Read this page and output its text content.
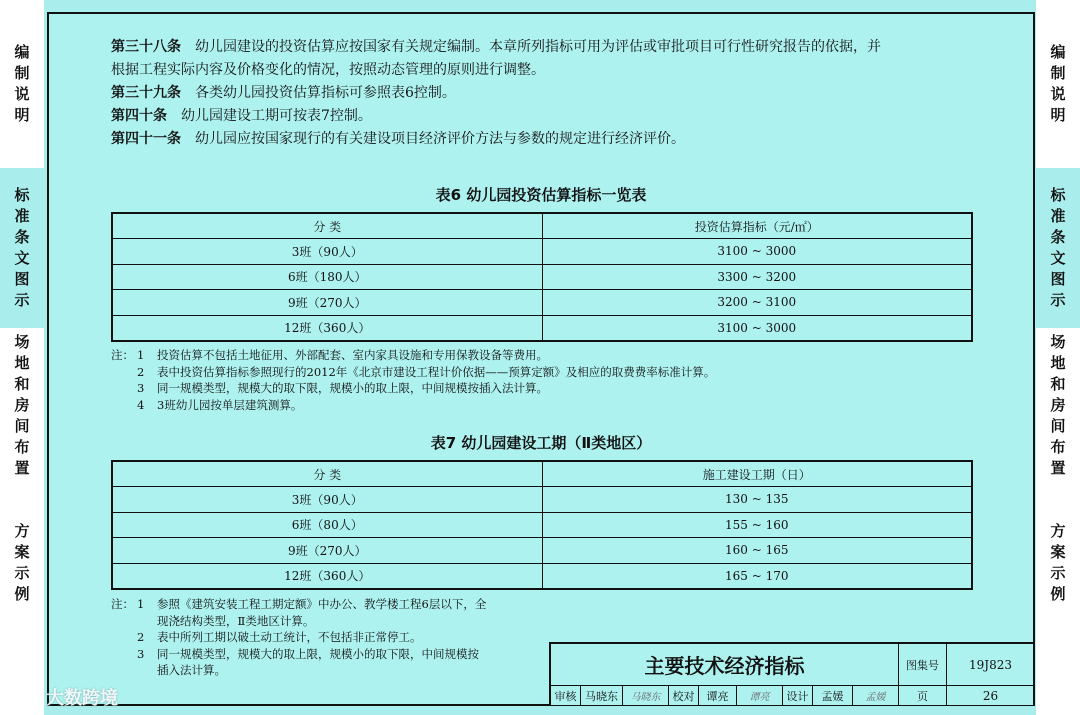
编
制
说
明
标
准
条
文
图
示
场
地
和
房
间
布
置
方
案
示
例
编
制
说
明
标
准
条
文
图
示
场
地
和
房
间
布
置
方
案
示
例
第三十八条 幼儿园建设的投资估算应按国家有关规定编制。本章所列指标可用为评估或审批项目可行性研究报告的依据，并
根据工程实际内容及价格变化的情况，按照动态管理的原则进行调整。
第三十九条 各类幼儿园投资估算指标可参照表6控制。
第四十条 幼儿园建设工期可按表7控制。
第四十一条 幼儿园应按国家现行的有关建设项目经济评价方法与参数的规定进行经济评价。
表6 幼儿园投资估算指标一览表
分 类	投资估算指标（元/㎡）
3班（90人）	3100 ~ 3000
6班（180人）	3300 ~ 3200
9班（270人）	3200 ~ 3100
12班（360人）	3100 ~ 3000
注： 1	投资估算不包括土地征用、外部配套、室内家具设施和专用保教设备等费用。
2	表中投资估算指标参照现行的2012年《北京市建设工程计价依据——预算定额》及相应的取费费率标准计算。
3	同一规模类型，规模大的取下限，规模小的取上限，中间规模按插入法计算。
4	3班幼儿园按单层建筑测算。
表7 幼儿园建设工期（Ⅱ类地区）
分 类	施工建设工期（日）
3班（90人）	130 ~ 135
6班（80人）	155 ~ 160
9班（270人）	160 ~ 165
12班（360人）	165 ~ 170
注： 1	参照《建筑安装工程工期定额》中办公、教学楼工程6层以下，全
现浇结构类型，Ⅱ类地区计算。
2	表中所列工期以破土动工统计，不包括非正常停工。
3	同一规模类型，规模大的取上限，规模小的取下限，中间规模按
插入法计算。	主要技术经济指标	图集号	19J823
审核 马晓东	马晓东	校对	谭亮	谭亮	设计	孟媛	孟媛	页	26
大数跨境
